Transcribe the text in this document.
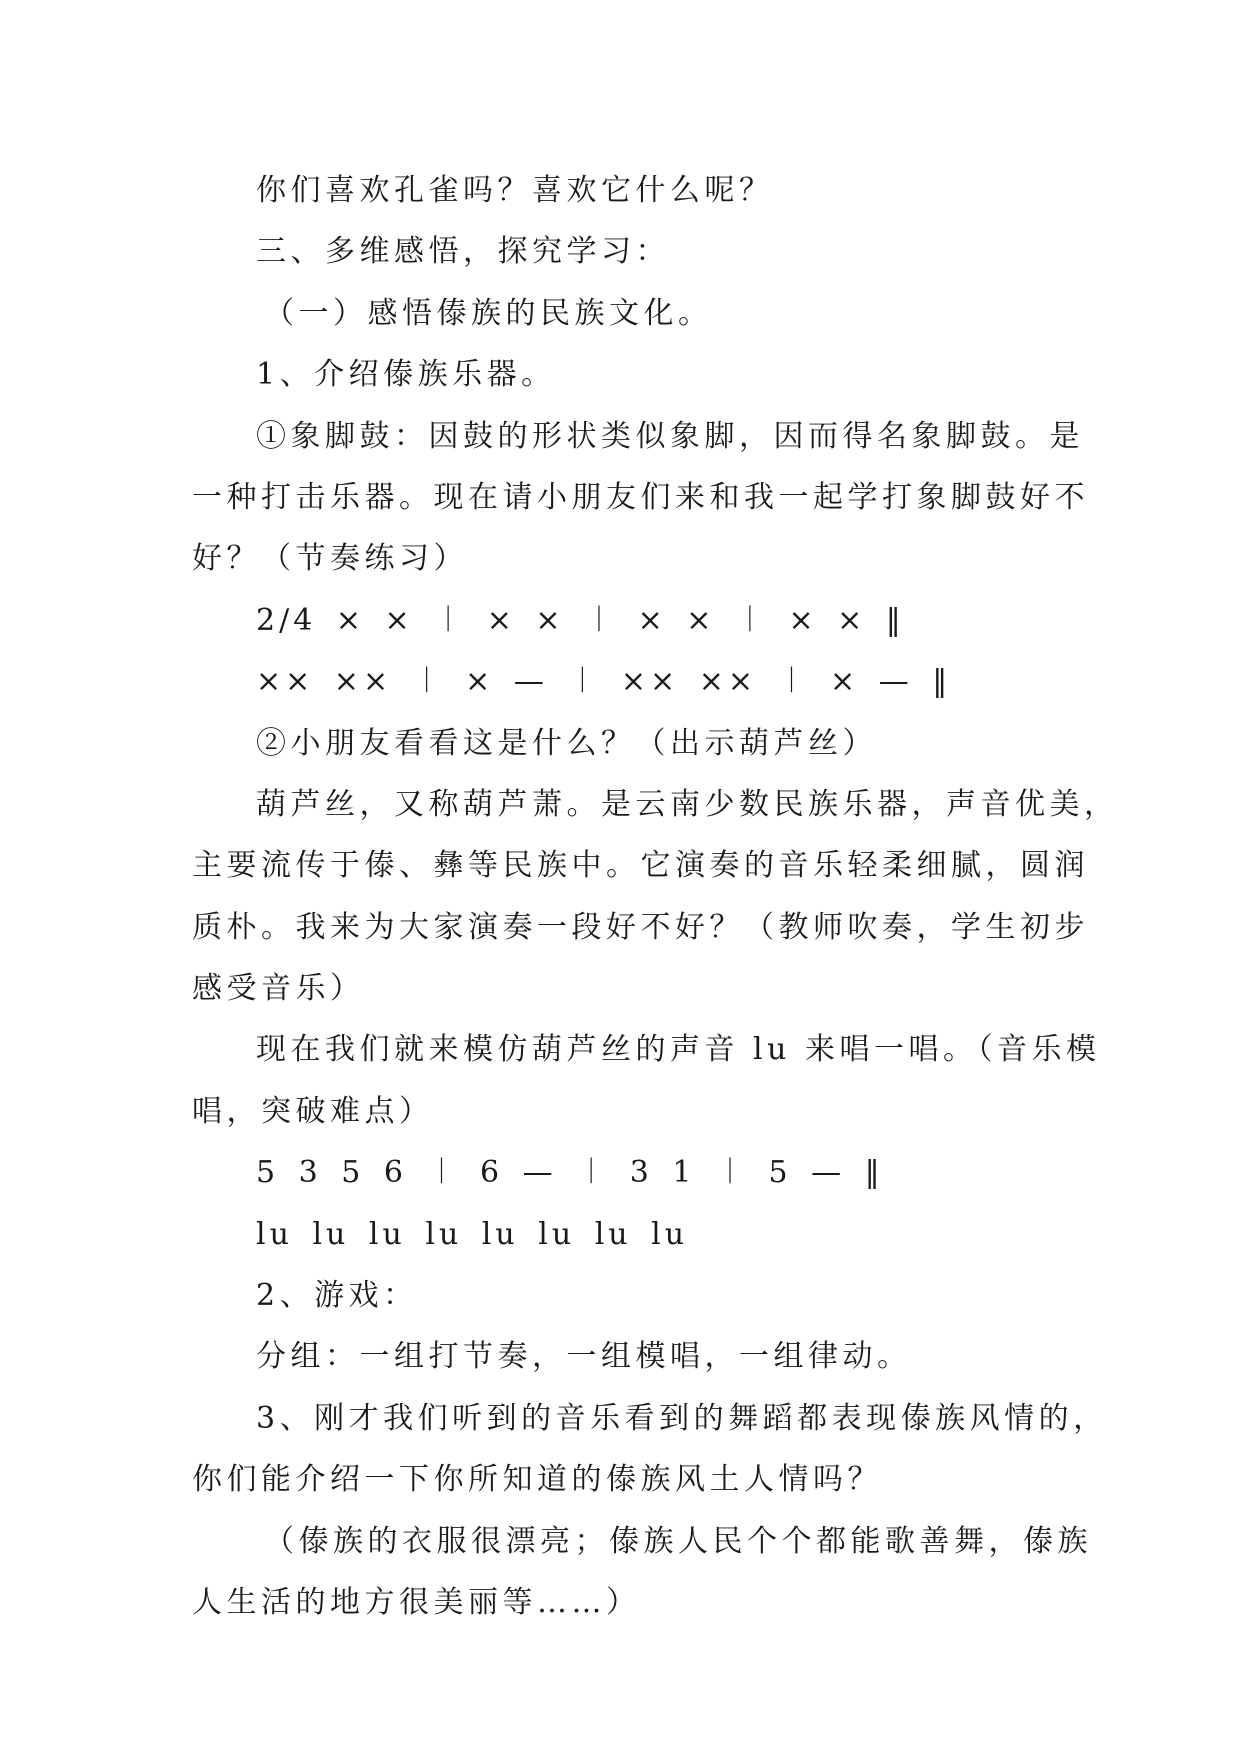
你们喜欢孔雀吗？喜欢它什么呢？
三、多维感悟，探究学习：
（一）感悟傣族的民族文化。
1、介绍傣族乐器。
①象脚鼓：因鼓的形状类似象脚，因而得名象脚鼓。是
一种打击乐器。现在请小朋友们来和我一起学打象脚鼓好不
好？（节奏练习）
2/4 × × ︱ × × ︱ × × ︱ × × ‖
×× ×× ︱ × — ︱ ×× ×× ︱ × — ‖
②小朋友看看这是什么？（出示葫芦丝）
葫芦丝，又称葫芦萧。是云南少数民族乐器，声音优美，
主要流传于傣、彝等民族中。它演奏的音乐轻柔细腻，圆润
质朴。我来为大家演奏一段好不好？（教师吹奏，学生初步
感受音乐）
现在我们就来模仿葫芦丝的声音 lu 来唱一唱。（音乐模
唱，突破难点）
5 3 5 6 ︱ 6 — ︱ 3 1 ︱ 5 — ‖
lu lu lu lu lu lu lu lu
2、游戏：
分组：一组打节奏，一组模唱，一组律动。
3、刚才我们听到的音乐看到的舞蹈都表现傣族风情的，
你们能介绍一下你所知道的傣族风土人情吗？
（傣族的衣服很漂亮；傣族人民个个都能歌善舞，傣族
人生活的地方很美丽等……）
